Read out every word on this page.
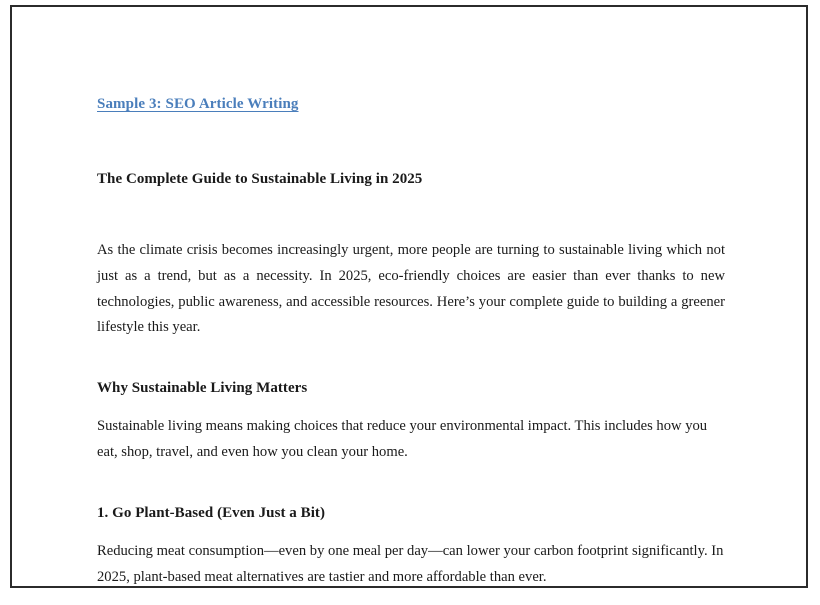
Sample 3: SEO Article Writing
The Complete Guide to Sustainable Living in 2025

As the climate crisis becomes increasingly urgent, more people are turning to sustainable living which not just as a trend, but as a necessity. In 2025, eco-friendly choices are easier than ever thanks to new technologies, public awareness, and accessible resources. Here’s your complete guide to building a greener lifestyle this year.

Why Sustainable Living Matters

Sustainable living means making choices that reduce your environmental impact. This includes how you eat, shop, travel, and even how you clean your home.

1. Go Plant-Based (Even Just a Bit)

Reducing meat consumption—even by one meal per day—can lower your carbon footprint significantly. In 2025, plant-based meat alternatives are tastier and more affordable than ever.
